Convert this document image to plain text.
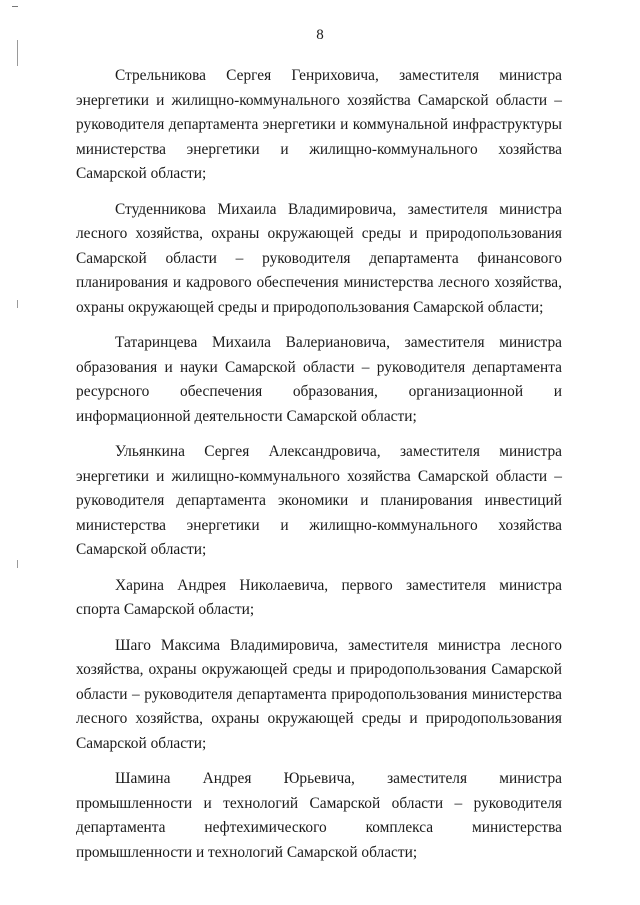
8

Стрельникова Сергея Генриховича, заместителя министра энергетики и жилищно-коммунального хозяйства Самарской области – руководителя департамента энергетики и коммунальной инфраструктуры министерства энергетики и жилищно-коммунального хозяйства Самарской области;

Студенникова Михаила Владимировича, заместителя министра лесного хозяйства, охраны окружающей среды и природопользования Самарской области – руководителя департамента финансового планирования и кадрового обеспечения министерства лесного хозяйства, охраны окружающей среды и природопользования Самарской области;

Татаринцева Михаила Валериановича, заместителя министра образования и науки Самарской области – руководителя департамента ресурсного обеспечения образования, организационной и информационной деятельности Самарской области;

Ульянкина Сергея Александровича, заместителя министра энергетики и жилищно-коммунального хозяйства Самарской области – руководителя департамента экономики и планирования инвестиций министерства энергетики и жилищно-коммунального хозяйства Самарской области;

Харина Андрея Николаевича, первого заместителя министра спорта Самарской области;

Шаго Максима Владимировича, заместителя министра лесного хозяйства, охраны окружающей среды и природопользования Самарской области – руководителя департамента природопользования министерства лесного хозяйства, охраны окружающей среды и природопользования Самарской области;

Шамина Андрея Юрьевича, заместителя министра промышленности и технологий Самарской области – руководителя департамента нефтехимического комплекса министерства промышленности и технологий Самарской области;
